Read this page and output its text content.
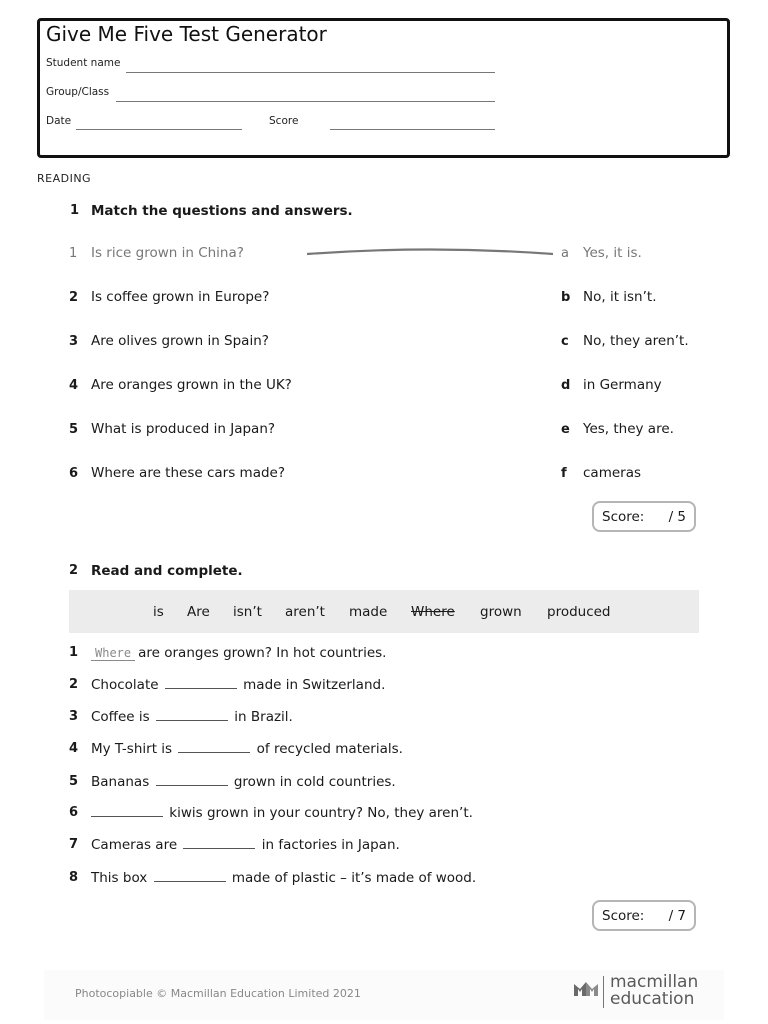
Give Me Five Test Generator
Student name
Group/Class
Date	Score
READING
1 Match the questions and answers.
1 Is rice grown in China?
2 Is coffee grown in Europe?
3 Are olives grown in Spain?
4 Are oranges grown in the UK?
5 What is produced in Japan?
6 Where are these cars made?
a Yes, it is.
b No, it isn’t.
c No, they aren’t.
d in Germany
e Yes, they are.
f cameras
Score: / 5
2 Read and complete.
is Are isn’t aren’t made Where grown produced
1	Where are oranges grown? In hot countries.
2 Chocolate	made in Switzerland.
3 Coffee is	in Brazil.
4 My T-shirt is	of recycled materials.
5 Bananas	grown in cold countries.
6	kiwis grown in your country? No, they aren’t.
7 Cameras are	in factories in Japan.
8 This box	made of plastic – it’s made of wood.
Score: / 7
Photocopiable © Macmillan Education Limited 2021
macmillan
education
